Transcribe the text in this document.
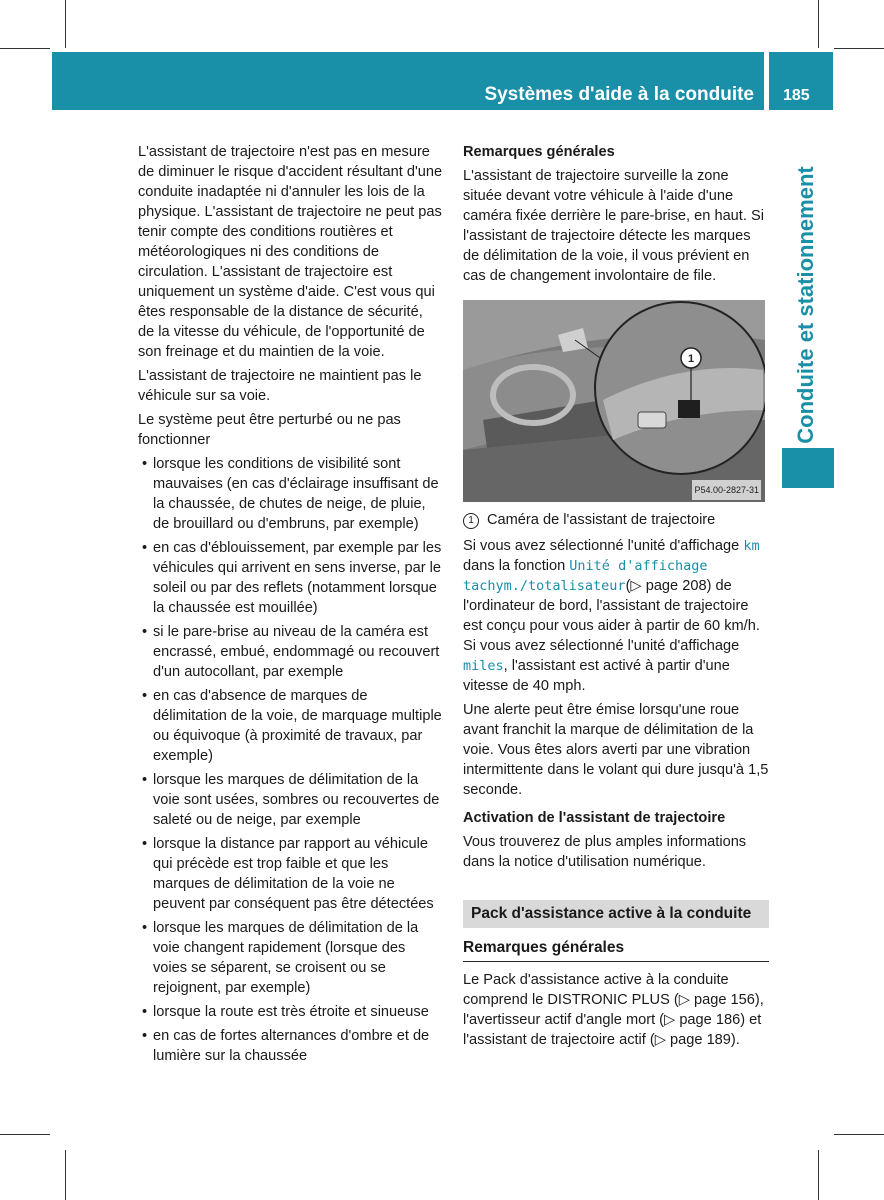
Systèmes d'aide à la conduite 185
Conduite et stationnement

L'assistant de trajectoire n'est pas en mesure de diminuer le risque d'accident résultant d'une conduite inadaptée ni d'annuler les lois de la physique. L'assistant de trajectoire ne peut pas tenir compte des conditions routières et météorologiques ni des conditions de circulation. L'assistant de trajectoire est uniquement un système d'aide. C'est vous qui êtes responsable de la distance de sécurité, de la vitesse du véhicule, de l'opportunité de son freinage et du maintien de la voie.

L'assistant de trajectoire ne maintient pas le véhicule sur sa voie.

Le système peut être perturbé ou ne pas fonctionner

• lorsque les conditions de visibilité sont mauvaises (en cas d'éclairage insuffisant de la chaussée, de chutes de neige, de pluie, de brouillard ou d'embruns, par exemple)
• en cas d'éblouissement, par exemple par les véhicules qui arrivent en sens inverse, par le soleil ou par des reflets (notamment lorsque la chaussée est mouillée)
• si le pare-brise au niveau de la caméra est encrassé, embué, endommagé ou recouvert d'un autocollant, par exemple
• en cas d'absence de marques de délimitation de la voie, de marquage multiple ou équivoque (à proximité de travaux, par exemple)
• lorsque les marques de délimitation de la voie sont usées, sombres ou recouvertes de saleté ou de neige, par exemple
• lorsque la distance par rapport au véhicule qui précède est trop faible et que les marques de délimitation de la voie ne peuvent par conséquent pas être détectées
• lorsque les marques de délimitation de la voie changent rapidement (lorsque des voies se séparent, se croisent ou se rejoignent, par exemple)
• lorsque la route est très étroite et sinueuse
• en cas de fortes alternances d'ombre et de lumière sur la chaussée

Remarques générales

L'assistant de trajectoire surveille la zone située devant votre véhicule à l'aide d'une caméra fixée derrière le pare-brise, en haut. Si l'assistant de trajectoire détecte les marques de délimitation de la voie, il vous prévient en cas de changement involontaire de file.

1
P54.00-2827-31
1 Caméra de l'assistant de trajectoire

Si vous avez sélectionné l'unité d'affichage km dans la fonction Unité d'affichage tachym./totalisateur(▷ page 208) de l'ordinateur de bord, l'assistant de trajectoire est conçu pour vous aider à partir de 60 km/h. Si vous avez sélectionné l'unité d'affichage miles, l'assistant est activé à partir d'une vitesse de 40 mph.

Une alerte peut être émise lorsqu'une roue avant franchit la marque de délimitation de la voie. Vous êtes alors averti par une vibration intermittente dans le volant qui dure jusqu'à 1,5 seconde.

Activation de l'assistant de trajectoire

Vous trouverez de plus amples informations dans la notice d'utilisation numérique.

Pack d'assistance active à la conduite
Remarques générales

Le Pack d'assistance active à la conduite comprend le DISTRONIC PLUS (▷ page 156), l'avertisseur actif d'angle mort (▷ page 186) et l'assistant de trajectoire actif (▷ page 189).
